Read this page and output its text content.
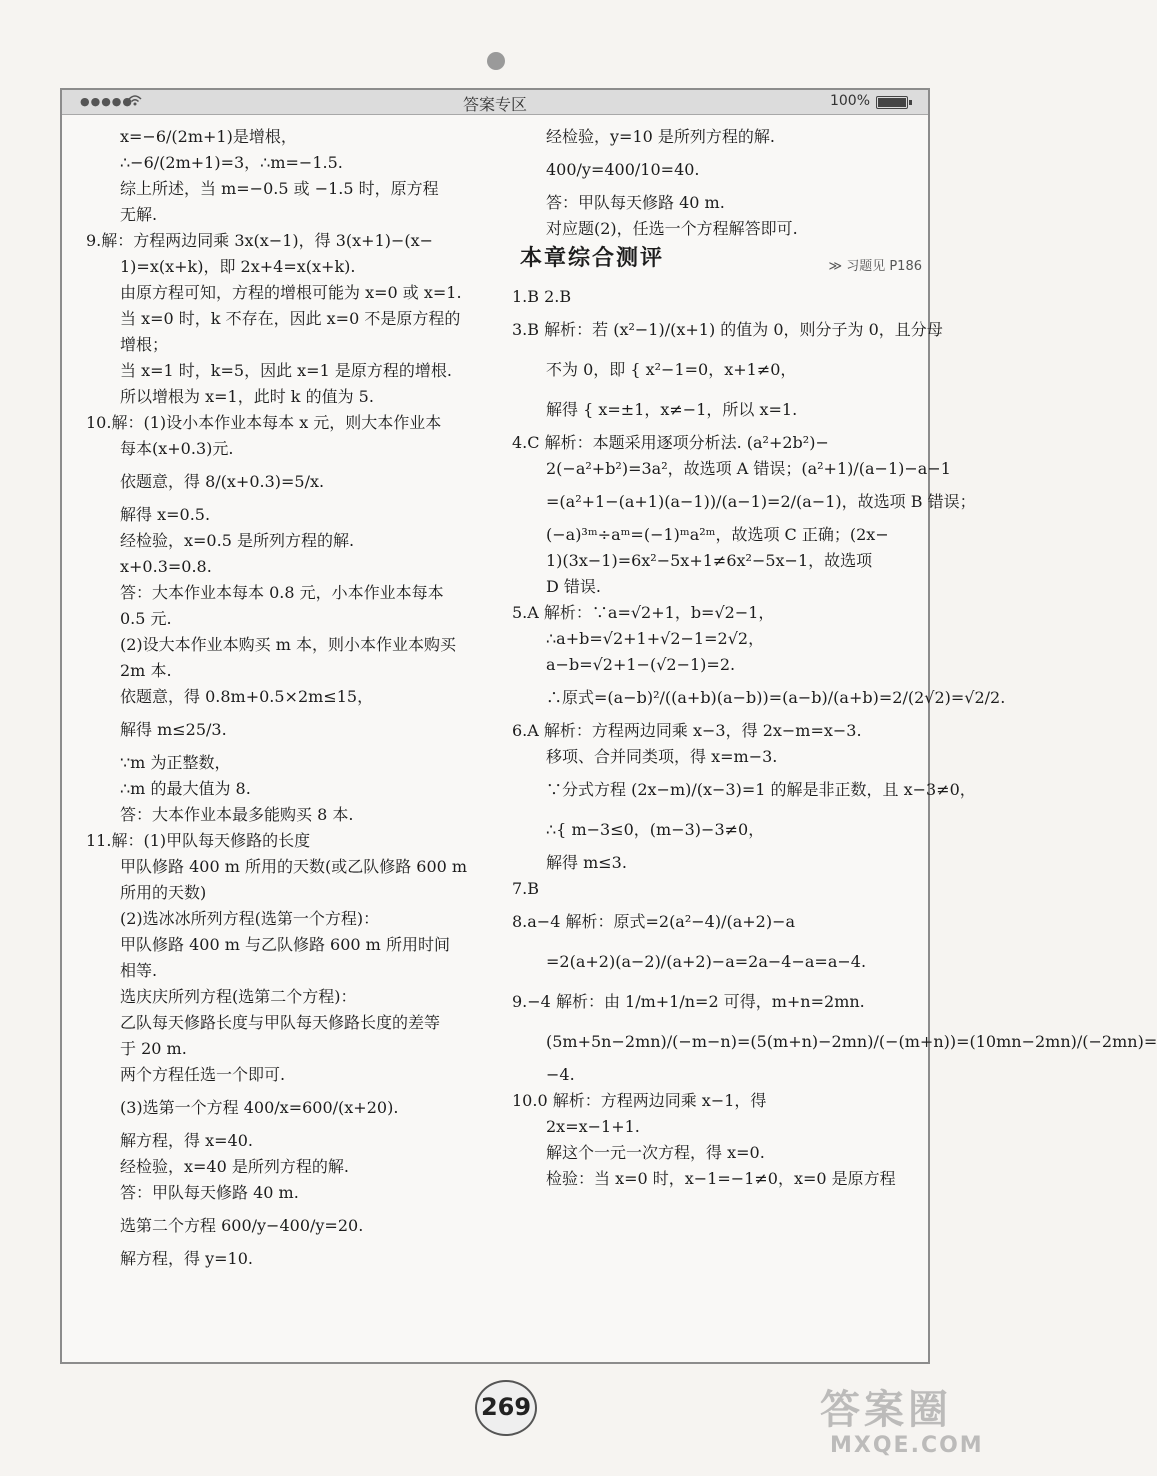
●●●●●	答案专区	100%
x=−6/(2m+1)是增根，
∴−6/(2m+1)=3，∴m=−1.5.
综上所述，当 m=−0.5 或 −1.5 时，原方程
无解.
9.解：方程两边同乘 3x(x−1)，得 3(x+1)−(x−
1)=x(x+k)，即 2x+4=x(x+k).
由原方程可知，方程的增根可能为 x=0 或 x=1.
当 x=0 时，k 不存在，因此 x=0 不是原方程的
增根；
当 x=1 时，k=5，因此 x=1 是原方程的增根.
所以增根为 x=1，此时 k 的值为 5.
10.解：(1)设小本作业本每本 x 元，则大本作业本
每本(x+0.3)元.
依题意，得 8/(x+0.3)=5/x.
解得 x=0.5.
经检验，x=0.5 是所列方程的解.
x+0.3=0.8.
答：大本作业本每本 0.8 元，小本作业本每本
0.5 元.
(2)设大本作业本购买 m 本，则小本作业本购买
2m 本.
依题意，得 0.8m+0.5×2m≤15，
解得 m≤25/3.
∵m 为正整数，
∴m 的最大值为 8.
答：大本作业本最多能购买 8 本.
11.解：(1)甲队每天修路的长度
甲队修路 400 m 所用的天数(或乙队修路 600 m
所用的天数)
(2)选冰冰所列方程(选第一个方程)：
甲队修路 400 m 与乙队修路 600 m 所用时间
相等.
选庆庆所列方程(选第二个方程)：
乙队每天修路长度与甲队每天修路长度的差等
于 20 m.
两个方程任选一个即可.
(3)选第一个方程 400/x=600/(x+20).
解方程，得 x=40.
经检验，x=40 是所列方程的解.
答：甲队每天修路 40 m.
选第二个方程 600/y−400/y=20.
解方程，得 y=10.
经检验，y=10 是所列方程的解.
400/y=400/10=40.
答：甲队每天修路 40 m.
对应题(2)，任选一个方程解答即可.
本章综合测评	≫ 习题见 P186
1.B 2.B
3.B 解析：若 (x²−1)/(x+1) 的值为 0，则分子为 0，且分母
不为 0，即 { x²−1=0，x+1≠0，
解得 { x=±1，x≠−1，所以 x=1.
4.C 解析：本题采用逐项分析法. (a²+2b²)−
2(−a²+b²)=3a²，故选项 A 错误；(a²+1)/(a−1)−a−1
=(a²+1−(a+1)(a−1))/(a−1)=2/(a−1)，故选项 B 错误；
(−a)³ᵐ÷aᵐ=(−1)ᵐa²ᵐ，故选项 C 正确；(2x−
1)(3x−1)=6x²−5x+1≠6x²−5x−1，故选项
D 错误.
5.A 解析：∵a=√2+1，b=√2−1，
∴a+b=√2+1+√2−1=2√2，
a−b=√2+1−(√2−1)=2.
∴原式=(a−b)²/((a+b)(a−b))=(a−b)/(a+b)=2/(2√2)=√2/2.
6.A 解析：方程两边同乘 x−3，得 2x−m=x−3.
移项、合并同类项，得 x=m−3.
∵分式方程 (2x−m)/(x−3)=1 的解是非正数，且 x−3≠0，
∴{ m−3≤0，(m−3)−3≠0，
解得 m≤3.
7.B
8.a−4 解析：原式=2(a²−4)/(a+2)−a
=2(a+2)(a−2)/(a+2)−a=2a−4−a=a−4.
9.−4 解析：由 1/m+1/n=2 可得，m+n=2mn.
(5m+5n−2mn)/(−m−n)=(5(m+n)−2mn)/(−(m+n))=(10mn−2mn)/(−2mn)=
−4.
10.0 解析：方程两边同乘 x−1，得
2x=x−1+1.
解这个一元一次方程，得 x=0.
检验：当 x=0 时，x−1=−1≠0，x=0 是原方程
269	答案圈
MXQE.COM
